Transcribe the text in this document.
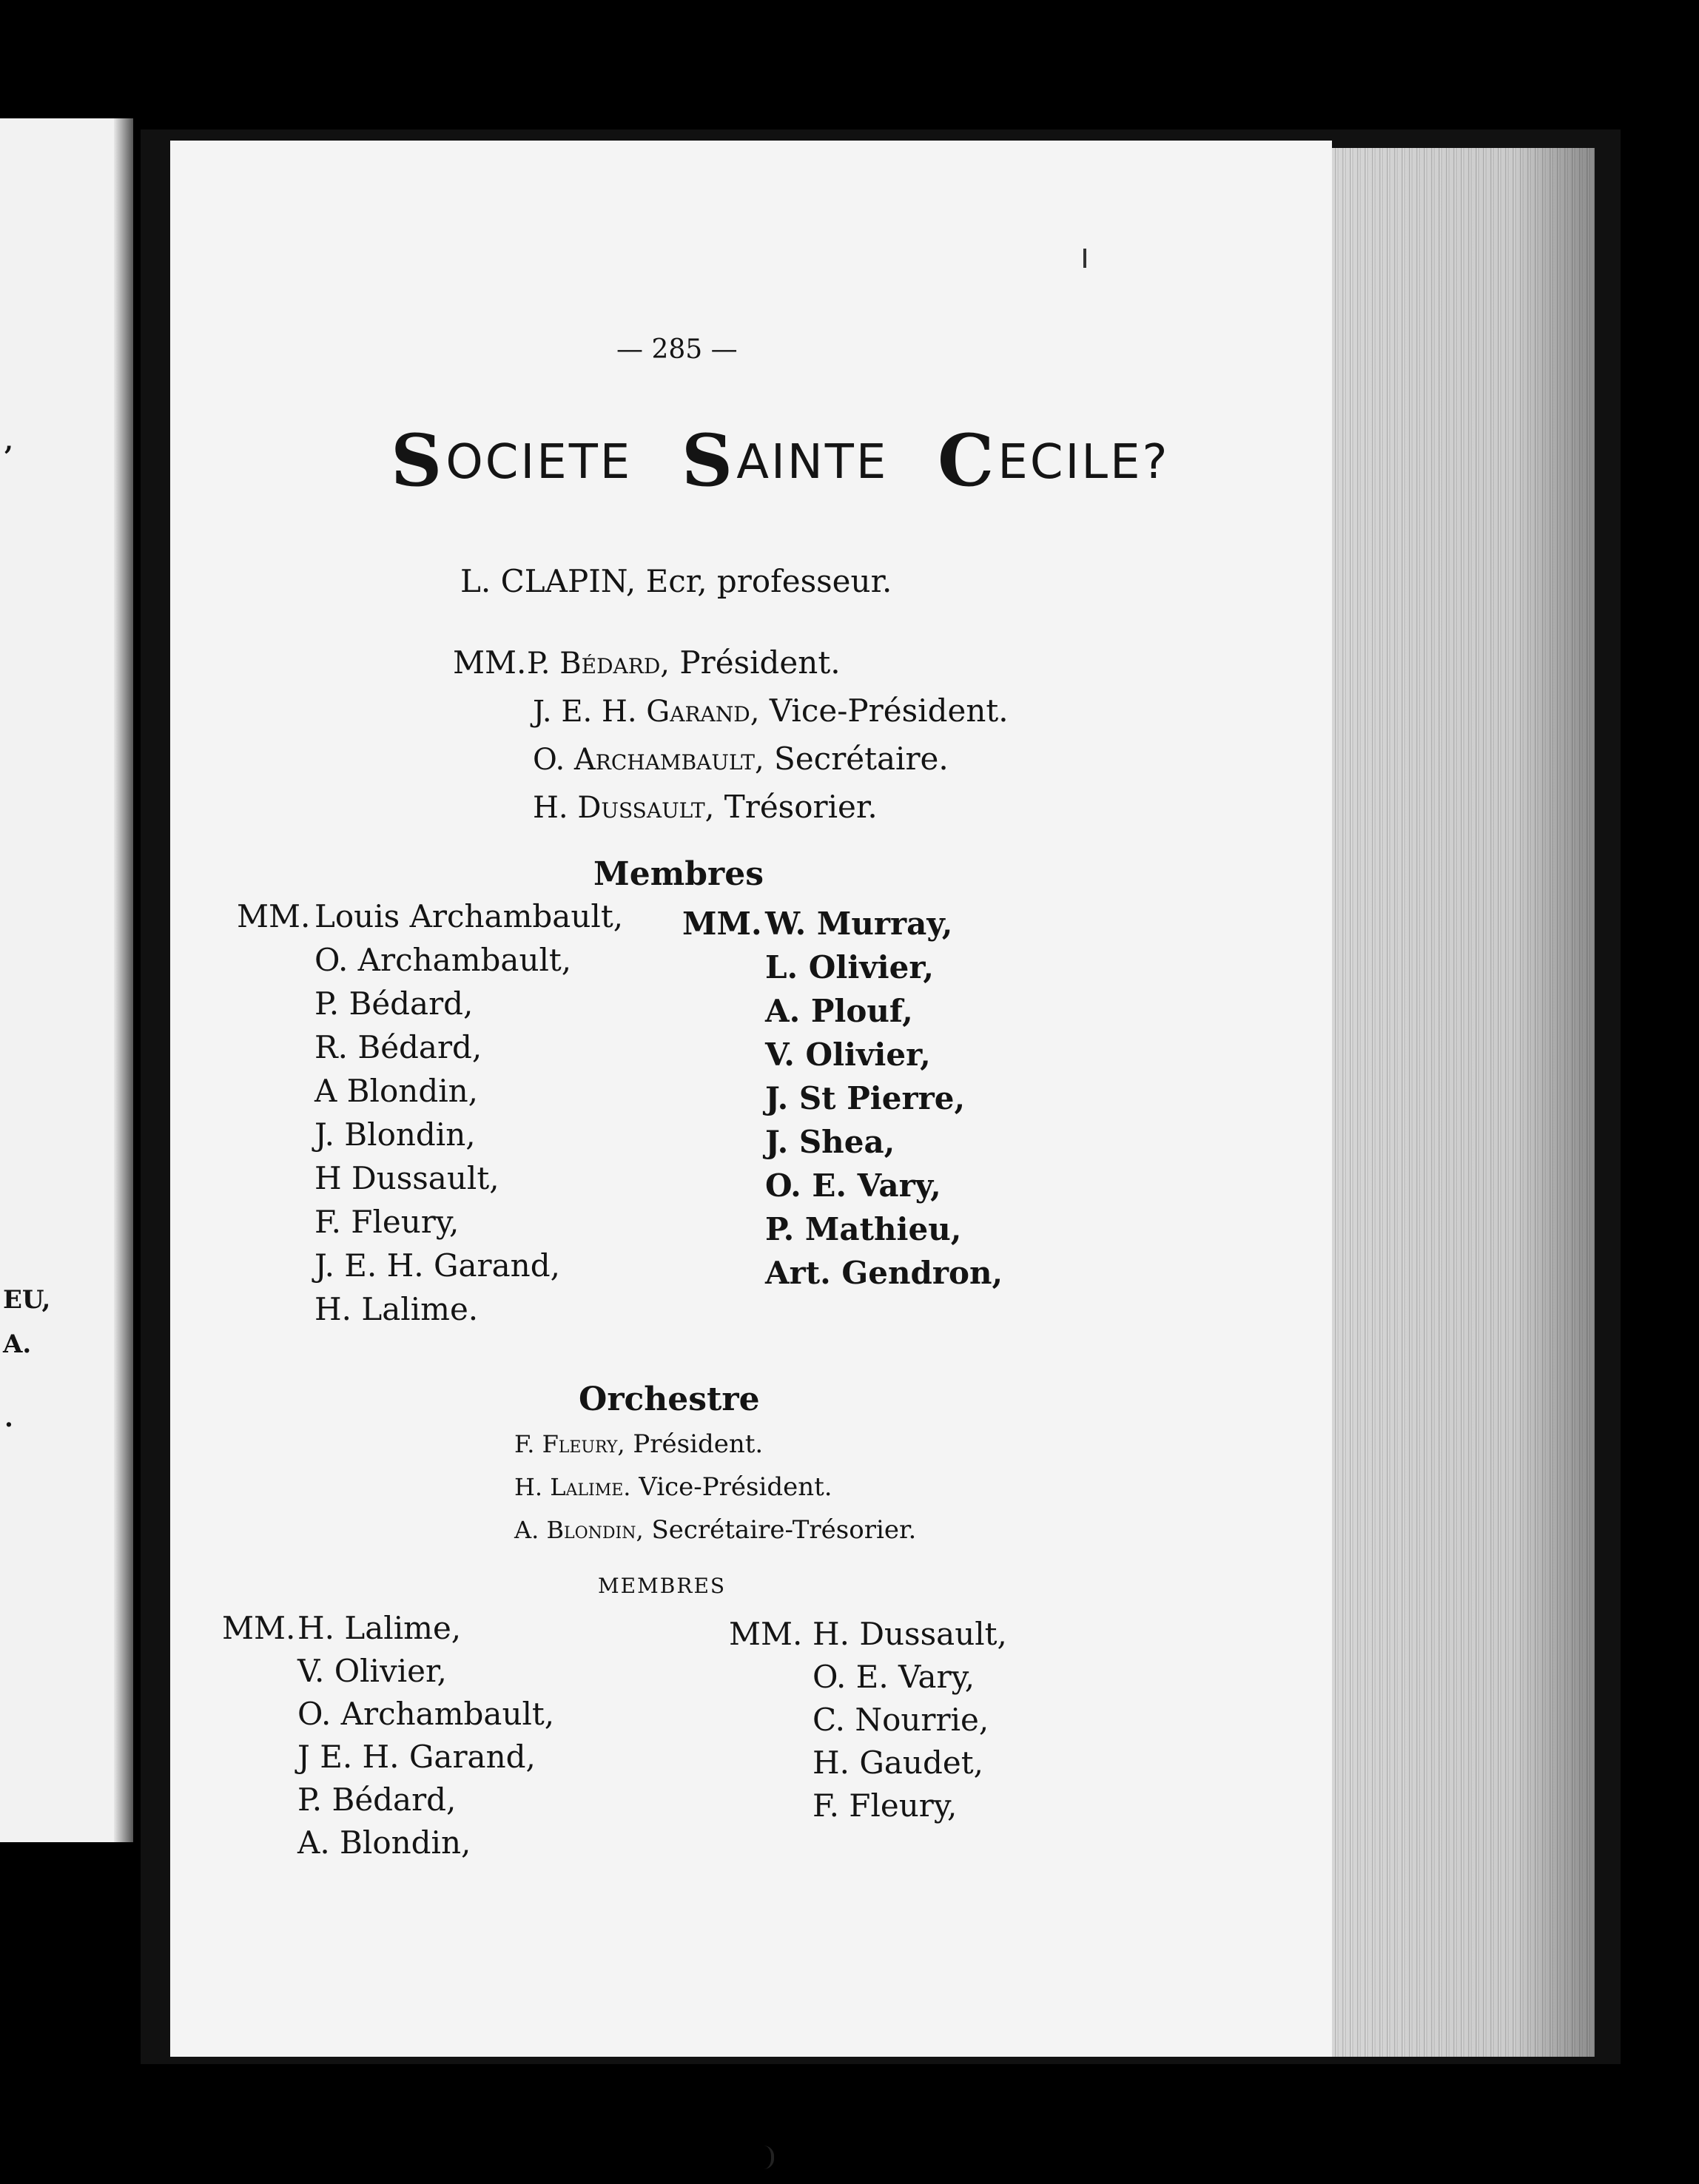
,
EU,
A.
.
— 285 —
SOCIETE SAINTE CECILE?
L. CLAPIN, Ecr, professeur.
MM. P. Bédard, Président.
J. E. H. Garand, Vice-Président.
O. Archambault, Secrétaire.
H. Dussault, Trésorier.
Membres
MM. Louis Archambault,
O. Archambault,
P. Bédard,
R. Bédard,
A Blondin,
J. Blondin,
H Dussault,
F. Fleury,
J. E. H. Garand,
H. Lalime.
MM. W. Murray,
L. Olivier,
A. Plouf,
V. Olivier,
J. St Pierre,
J. Shea,
O. E. Vary,
P. Mathieu,
Art. Gendron,
Orchestre
F. Fleury, Président.
H. Lalime. Vice-Président.
A. Blondin, Secrétaire-Trésorier.
MEMBRES
MM. H. Lalime,
V. Olivier,
O. Archambault,
J E. H. Garand,
P. Bédard,
A. Blondin,
MM. H. Dussault,
O. E. Vary,
C. Nourrie,
H. Gaudet,
F. Fleury,
